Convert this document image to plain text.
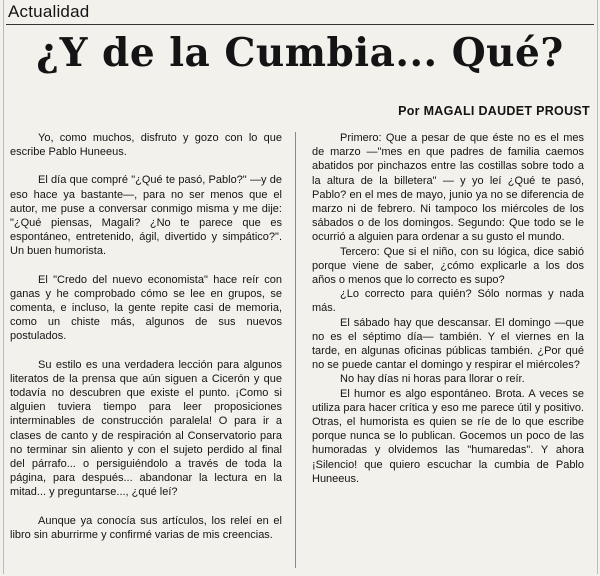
Actualidad
¿Y de la Cumbia... Qué?
Por MAGALI DAUDET PROUST

Yo, como muchos, disfruto y gozo con lo que escribe Pablo Huneeus.

El día que compré "¿Qué te pasó, Pablo?" —y de eso hace ya bastante—, para no ser menos que el autor, me puse a conversar conmigo misma y me dije: "¿Qué piensas, Magali? ¿No te parece que es espontáneo, entretenido, ágil, divertido y simpático?". Un buen humorista.

El "Credo del nuevo economista" hace reír con ganas y he comprobado cómo se lee en grupos, se comenta, e incluso, la gente repite casi de memoria, como un chiste más, algunos de sus nuevos postulados.

Su estilo es una verdadera lección para algunos literatos de la prensa que aún siguen a Cicerón y que todavía no descubren que existe el punto. ¡Como si alguien tuviera tiempo para leer proposiciones interminables de construcción paralela! O para ir a clases de canto y de respiración al Conservatorio para no terminar sin aliento y con el sujeto perdido al final del párrafo... o persiguiéndolo a través de toda la página, para después... abandonar la lectura en la mitad... y preguntarse..., ¿qué leí?

Aunque ya conocía sus artículos, los releí en el libro sin aburrirme y confirmé varias de mis creencias.

Primero: Que a pesar de que éste no es el mes de marzo —"mes en que padres de familia caemos abatidos por pinchazos entre las costillas sobre todo a la altura de la billetera" — y yo leí ¿Qué te pasó, Pablo? en el mes de mayo, junio ya no se diferencia de marzo ni de febrero. Ni tampoco los miércoles de los sábados o de los domingos. Segundo: Que todo se le ocurrió a alguien para ordenar a su gusto el mundo.

Tercero: Que si el niño, con su lógica, dice sabió porque viene de saber, ¿cómo explicarle a los dos años o menos que lo correcto es supo?

¿Lo correcto para quién? Sólo normas y nada más.

El sábado hay que descansar. El domingo —que no es el séptimo día— también. Y el viernes en la tarde, en algunas oficinas públicas también. ¿Por qué no se puede cantar el domingo y respirar el miércoles?

No hay días ni horas para llorar o reír.

El humor es algo espontáneo. Brota. A veces se utiliza para hacer crítica y eso me parece útil y positivo. Otras, el humorista es quien se ríe de lo que escribe porque nunca se lo publican. Gocemos un poco de las humoradas y olvidemos las "humaredas". Y ahora ¡Silencio! que quiero escuchar la cumbia de Pablo Huneeus.
